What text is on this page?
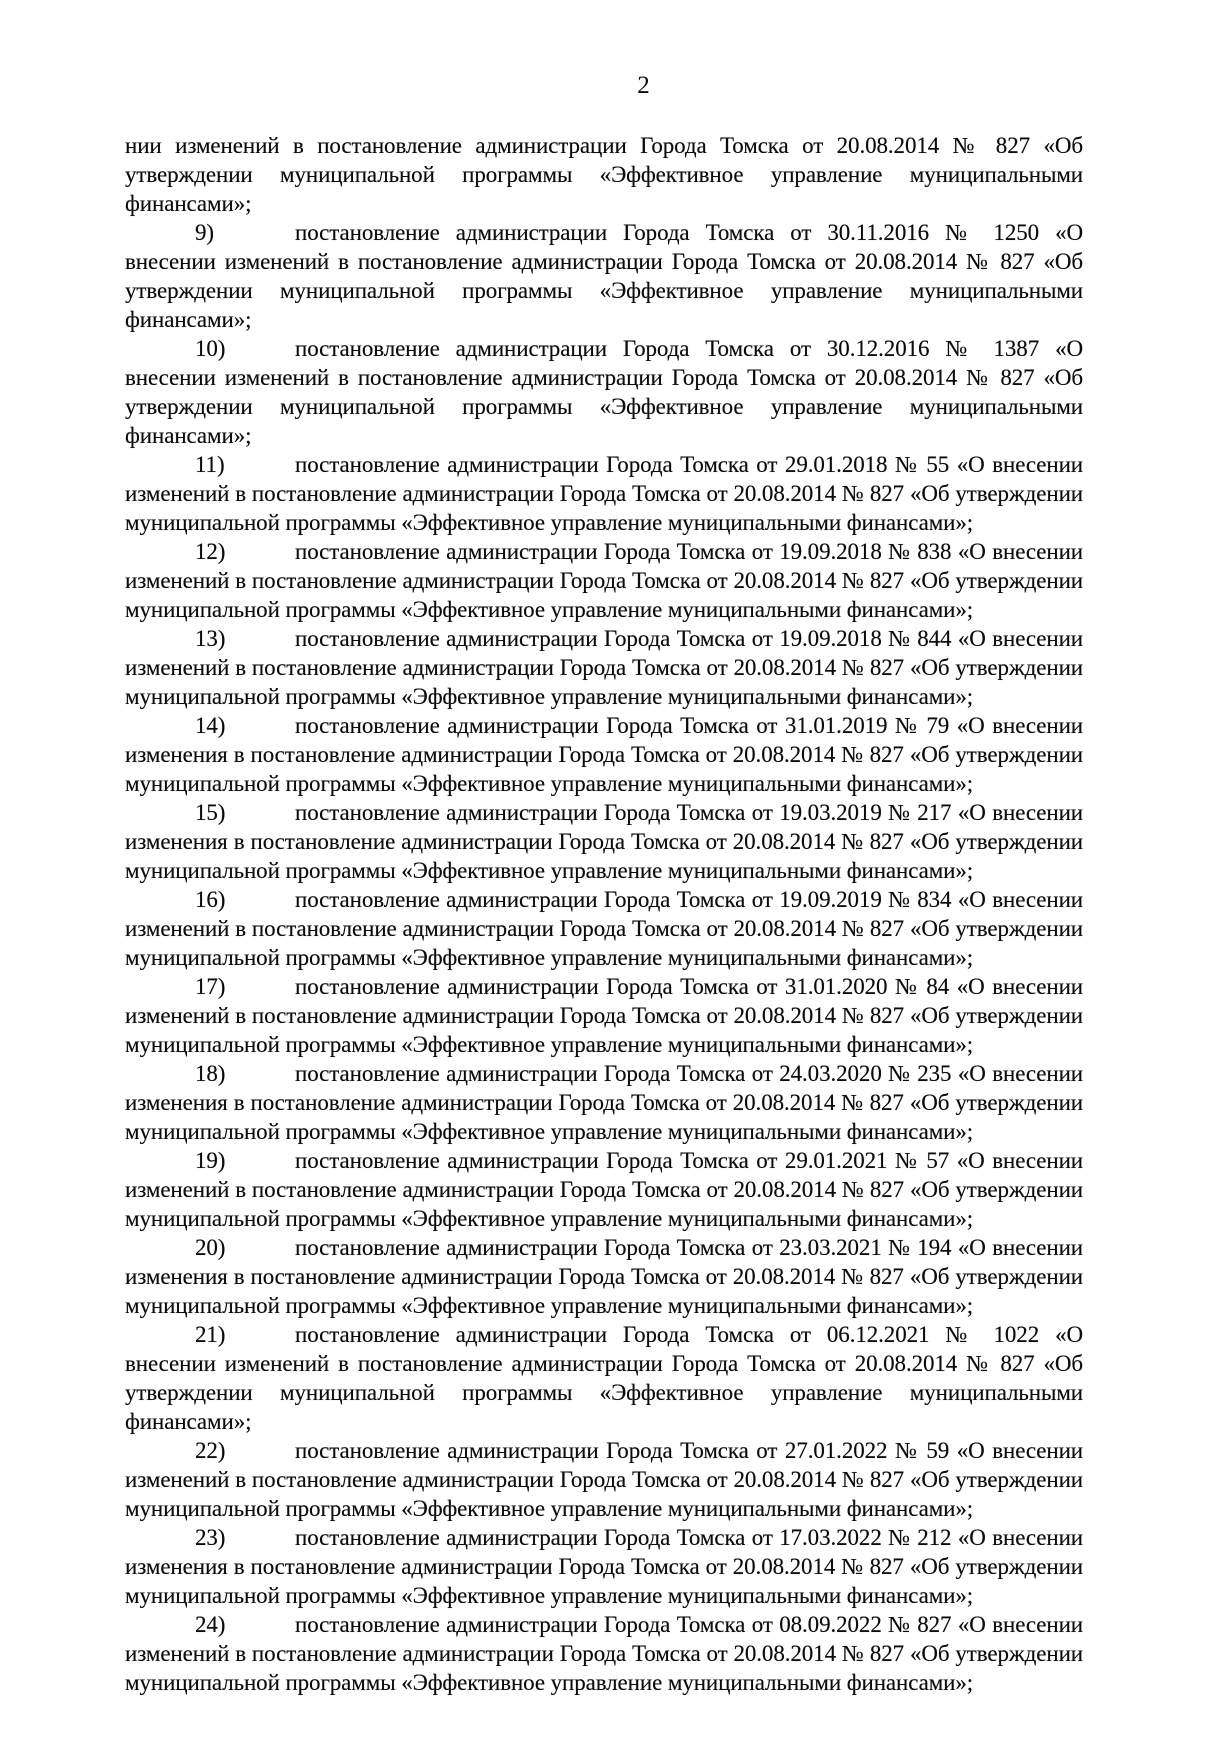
2

нии изменений в постановление администрации Города Томска от 20.08.2014 № 827 «Об утверждении муниципальной программы «Эффективное управление муниципальными финансами»;

9)	постановление администрации Города Томска от 30.11.2016 № 1250 «О внесении изменений в постановление администрации Города Томска от 20.08.2014 № 827 «Об утверждении муниципальной программы «Эффективное управление муниципальными финансами»;

10)	постановление администрации Города Томска от 30.12.2016 № 1387 «О внесении изменений в постановление администрации Города Томска от 20.08.2014 № 827 «Об утверждении муниципальной программы «Эффективное управление муниципальными финансами»;

11)	постановление администрации Города Томска от 29.01.2018 № 55 «О внесении изменений в постановление администрации Города Томска от 20.08.2014 № 827 «Об утверждении муниципальной программы «Эффективное управление муниципальными финансами»;

12)	постановление администрации Города Томска от 19.09.2018 № 838 «О внесении изменений в постановление администрации Города Томска от 20.08.2014 № 827 «Об утверждении муниципальной программы «Эффективное управление муниципальными финансами»;

13)	постановление администрации Города Томска от 19.09.2018 № 844 «О внесении изменений в постановление администрации Города Томска от 20.08.2014 № 827 «Об утверждении муниципальной программы «Эффективное управление муниципальными финансами»;

14)	постановление администрации Города Томска от 31.01.2019 № 79 «О внесении изменения в постановление администрации Города Томска от 20.08.2014 № 827 «Об утверждении муниципальной программы «Эффективное управление муниципальными финансами»;

15)	постановление администрации Города Томска от 19.03.2019 № 217 «О внесении изменения в постановление администрации Города Томска от 20.08.2014 № 827 «Об утверждении муниципальной программы «Эффективное управление муниципальными финансами»;

16)	постановление администрации Города Томска от 19.09.2019 № 834 «О внесении изменений в постановление администрации Города Томска от 20.08.2014 № 827 «Об утверждении муниципальной программы «Эффективное управление муниципальными финансами»;

17)	постановление администрации Города Томска от 31.01.2020 № 84 «О внесении изменений в постановление администрации Города Томска от 20.08.2014 № 827 «Об утверждении муниципальной программы «Эффективное управление муниципальными финансами»;

18)	постановление администрации Города Томска от 24.03.2020 № 235 «О внесении изменения в постановление администрации Города Томска от 20.08.2014 № 827 «Об утверждении муниципальной программы «Эффективное управление муниципальными финансами»;

19)	постановление администрации Города Томска от 29.01.2021 № 57 «О внесении изменений в постановление администрации Города Томска от 20.08.2014 № 827 «Об утверждении муниципальной программы «Эффективное управление муниципальными финансами»;

20)	постановление администрации Города Томска от 23.03.2021 № 194 «О внесении изменения в постановление администрации Города Томска от 20.08.2014 № 827 «Об утверждении муниципальной программы «Эффективное управление муниципальными финансами»;

21)	постановление администрации Города Томска от 06.12.2021 № 1022 «О внесении изменений в постановление администрации Города Томска от 20.08.2014 № 827 «Об утверждении муниципальной программы «Эффективное управление муниципальными финансами»;

22)	постановление администрации Города Томска от 27.01.2022 № 59 «О внесении изменений в постановление администрации Города Томска от 20.08.2014 № 827 «Об утверждении муниципальной программы «Эффективное управление муниципальными финансами»;

23)	постановление администрации Города Томска от 17.03.2022 № 212 «О внесении изменения в постановление администрации Города Томска от 20.08.2014 № 827 «Об утверждении муниципальной программы «Эффективное управление муниципальными финансами»;

24)	постановление администрации Города Томска от 08.09.2022 № 827 «О внесении изменений в постановление администрации Города Томска от 20.08.2014 № 827 «Об утверждении муниципальной программы «Эффективное управление муниципальными финансами»;
